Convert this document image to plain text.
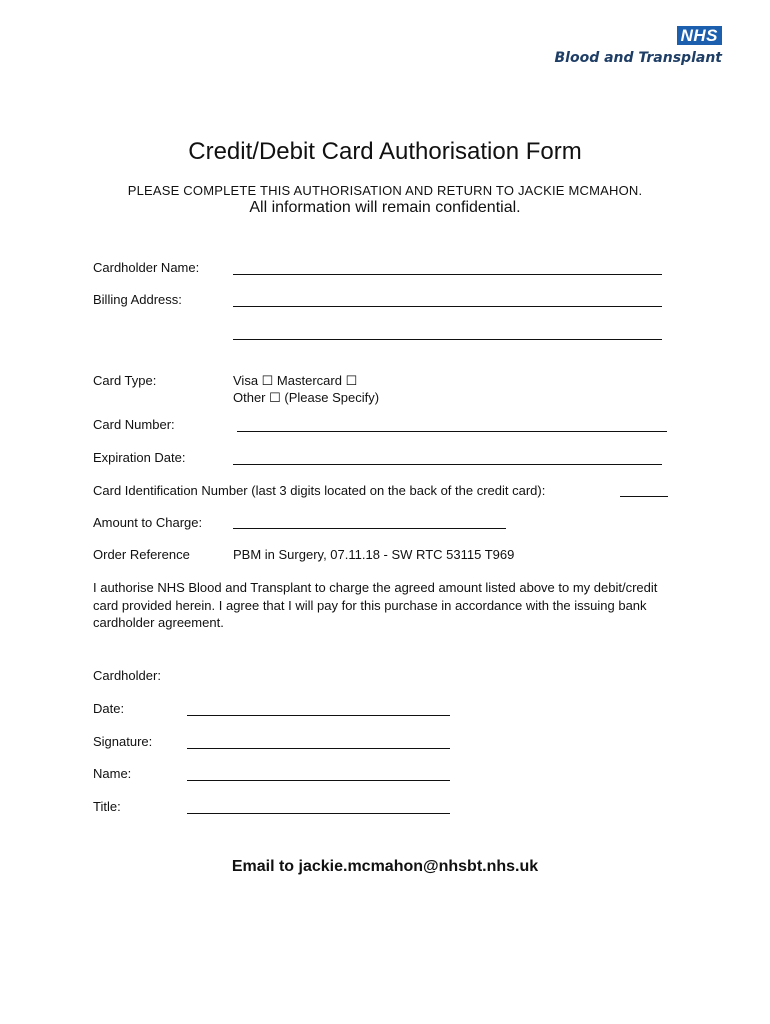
NHS
Blood and Transplant
Credit/Debit Card Authorisation Form
PLEASE COMPLETE THIS AUTHORISATION AND RETURN TO JACKIE MCMAHON.
All information will remain confidential.
Cardholder Name:
Billing Address:
Card Type:	Visa ☐ Mastercard ☐
Other ☐ (Please Specify)
Card Number:
Expiration Date:
Card Identification Number (last 3 digits located on the back of the credit card):
Amount to Charge:
Order Reference	PBM in Surgery, 07.11.18 - SW RTC 53115 T969
I authorise NHS Blood and Transplant to charge the agreed amount listed above to my debit/credit card provided herein. I agree that I will pay for this purchase in accordance with the issuing bank cardholder agreement.
Cardholder:
Date:
Signature:
Name:
Title:
Email to jackie.mcmahon@nhsbt.nhs.uk
